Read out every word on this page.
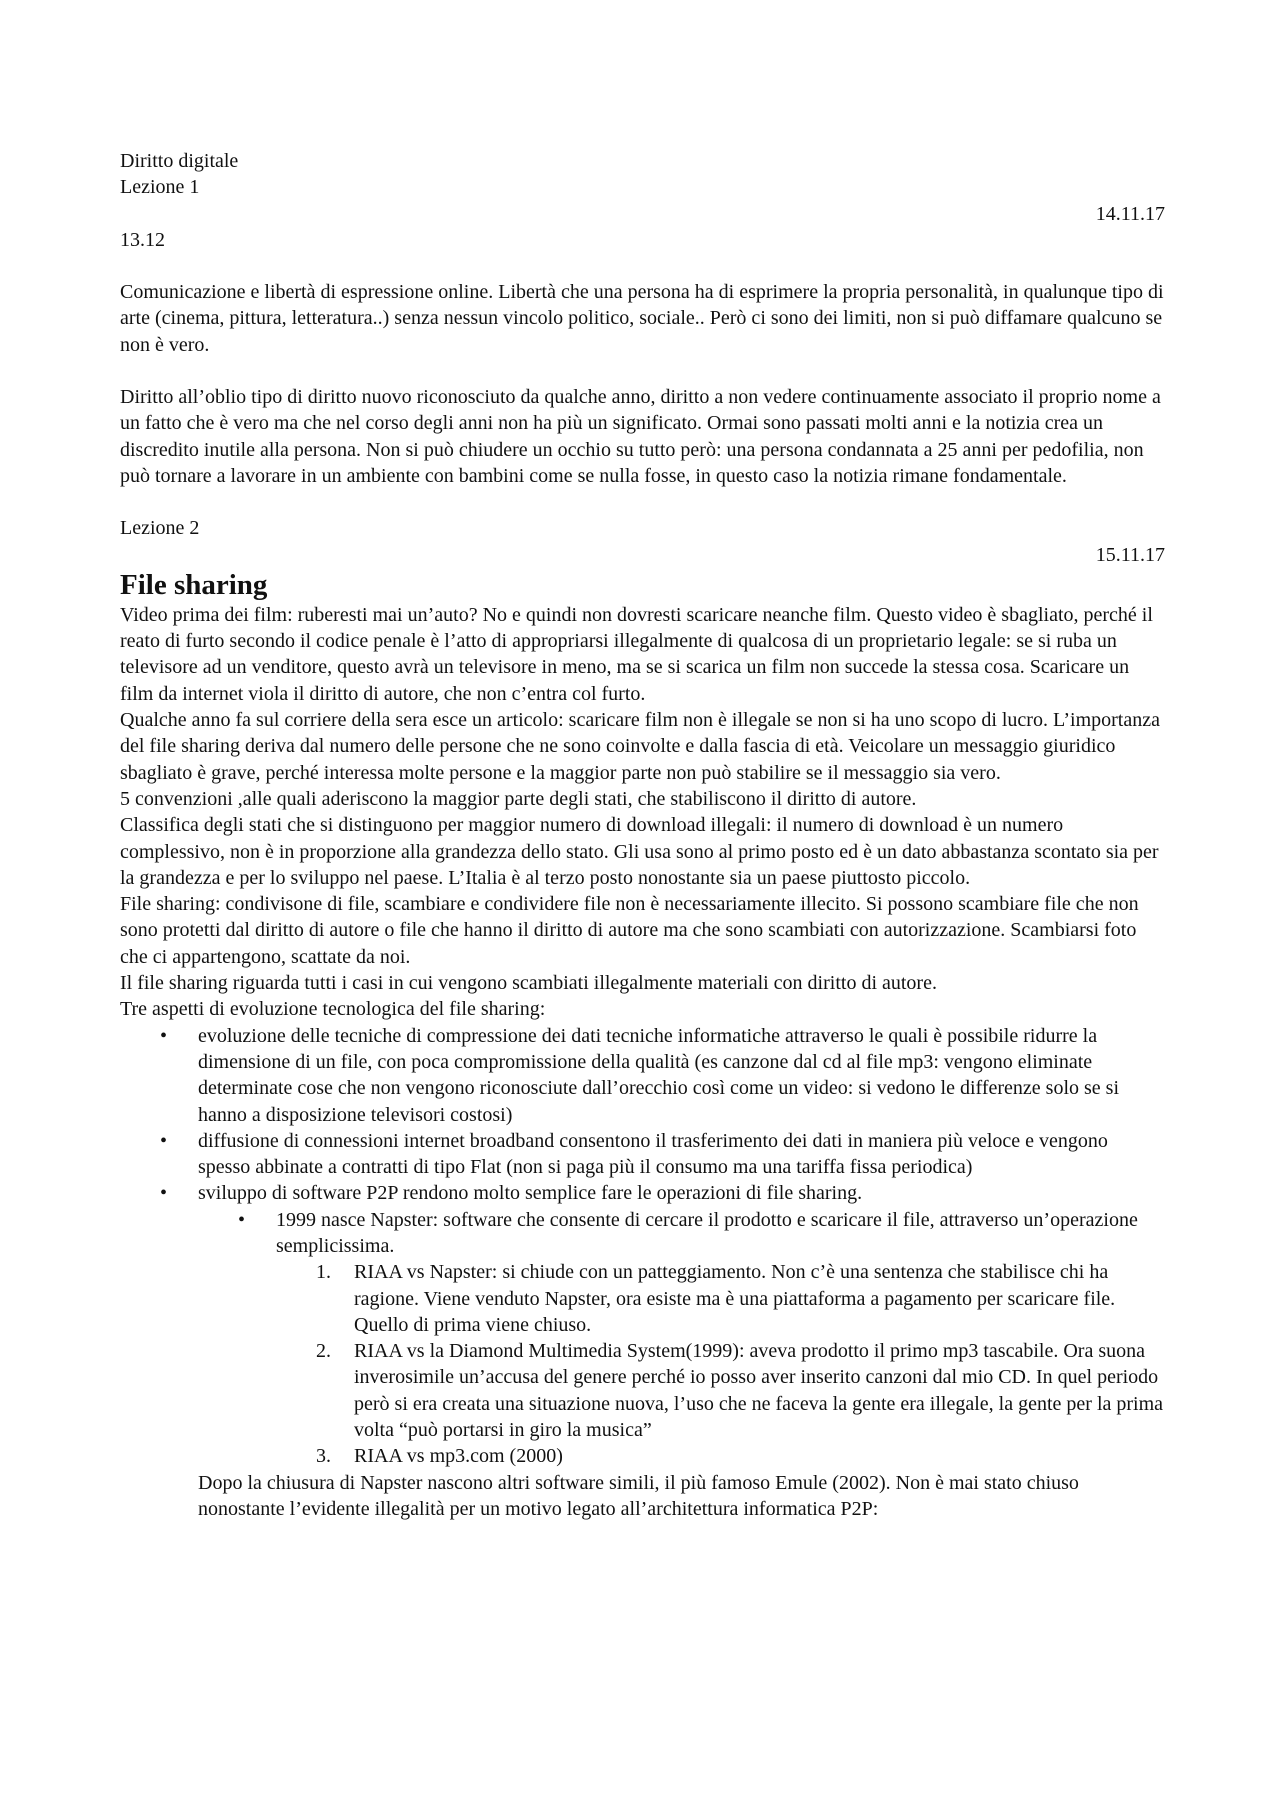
Diritto digitale

Lezione 1

14.11.17

13.12

Comunicazione e libertà di espressione online. Libertà che una persona ha di esprimere la propria personalità, in qualunque tipo di arte (cinema, pittura, letteratura..) senza nessun vincolo politico, sociale.. Però ci sono dei limiti, non si può diffamare qualcuno se non è vero.

Diritto all’oblio tipo di diritto nuovo riconosciuto da qualche anno, diritto a non vedere continuamente associato il proprio nome a un fatto che è vero ma che nel corso degli anni non ha più un significato. Ormai sono passati molti anni e la notizia crea un discredito inutile alla persona. Non si può chiudere un occhio su tutto però: una persona condannata a 25 anni per pedofilia, non può tornare a lavorare in un ambiente con bambini come se nulla fosse, in questo caso la notizia rimane fondamentale.

Lezione 2

15.11.17

File sharing

Video prima dei film: ruberesti mai un’auto? No e quindi non dovresti scaricare neanche film. Questo video è sbagliato, perché il reato di furto secondo il codice penale è l’atto di appropriarsi illegalmente di qualcosa di un proprietario legale: se si ruba un televisore ad un venditore, questo avrà un televisore in meno, ma se si scarica un film non succede la stessa cosa. Scaricare un film da internet viola il diritto di autore, che non c’entra col furto.

Qualche anno fa sul corriere della sera esce un articolo: scaricare film non è illegale se non si ha uno scopo di lucro. L’importanza del file sharing deriva dal numero delle persone che ne sono coinvolte e dalla fascia di età. Veicolare un messaggio giuridico sbagliato è grave, perché interessa molte persone e la maggior parte non può stabilire se il messaggio sia vero.

5 convenzioni ,alle quali aderiscono la maggior parte degli stati, che stabiliscono il diritto di autore.

Classifica degli stati che si distinguono per maggior numero di download illegali: il numero di download è un numero complessivo, non è in proporzione alla grandezza dello stato. Gli usa sono al primo posto ed è un dato abbastanza scontato sia per la grandezza e per lo sviluppo nel paese. L’Italia è al terzo posto nonostante sia un paese piuttosto piccolo.

File sharing: condivisone di file, scambiare e condividere file non è necessariamente illecito. Si possono scambiare file che non sono protetti dal diritto di autore o file che hanno il diritto di autore ma che sono scambiati con autorizzazione. Scambiarsi foto che ci appartengono, scattate da noi.

Il file sharing riguarda tutti i casi in cui vengono scambiati illegalmente materiali con diritto di autore.

Tre aspetti di evoluzione tecnologica del file sharing:

• evoluzione delle tecniche di compressione dei dati tecniche informatiche attraverso le quali è possibile ridurre la dimensione di un file, con poca compromissione della qualità (es canzone dal cd al file mp3: vengono eliminate determinate cose che non vengono riconosciute dall’orecchio così come un video: si vedono le differenze solo se si hanno a disposizione televisori costosi)
• diffusione di connessioni internet broadband consentono il trasferimento dei dati in maniera più veloce e vengono spesso abbinate a contratti di tipo Flat (non si paga più il consumo ma una tariffa fissa periodica)
• sviluppo di software P2P rendono molto semplice fare le operazioni di file sharing.
• 1999 nasce Napster: software che consente di cercare il prodotto e scaricare il file, attraverso un’operazione semplicissima.
1. RIAA vs Napster: si chiude con un patteggiamento. Non c’è una sentenza che stabilisce chi ha ragione. Viene venduto Napster, ora esiste ma è una piattaforma a pagamento per scaricare file. Quello di prima viene chiuso.
2. RIAA vs la Diamond Multimedia System(1999): aveva prodotto il primo mp3 tascabile. Ora suona inverosimile un’accusa del genere perché io posso aver inserito canzoni dal mio CD. In quel periodo però si era creata una situazione nuova, l’uso che ne faceva la gente era illegale, la gente per la prima volta “può portarsi in giro la musica”
3. RIAA vs mp3.com (2000)

Dopo la chiusura di Napster nascono altri software simili, il più famoso Emule (2002). Non è mai stato chiuso nonostante l’evidente illegalità per un motivo legato all’architettura informatica P2P:
